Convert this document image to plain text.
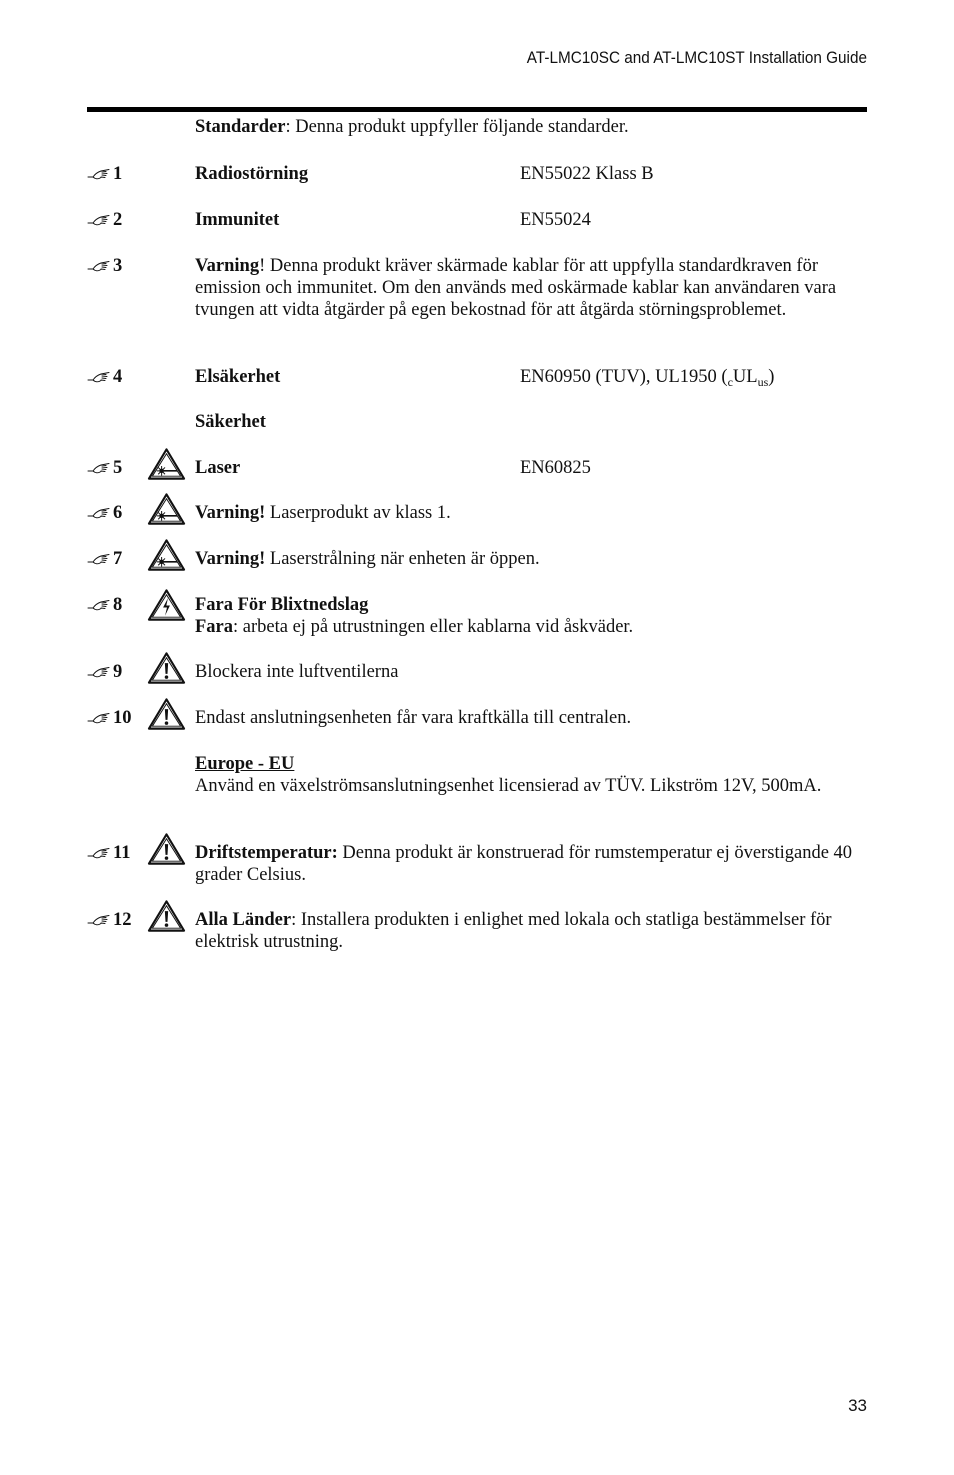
AT-LMC10SC and AT-LMC10ST Installation Guide
Standarder: Denna produkt uppfyller följande standarder.
1	Radiostörning	EN55022 Klass B
2	Immunitet	EN55024
3	Varning! Denna produkt kräver skärmade kablar för att uppfylla standardkraven för emission och immunitet. Om den används med oskärmade kablar kan användaren vara tvungen att vidta åtgärder på egen bekostnad för att åtgärda störningsproblemet.
4	Elsäkerhet	EN60950 (TUV), UL1950 $(_cUL_{us})$
Säkerhet
5	Laser	EN60825
6	Varning! Laserprodukt av klass 1.
7	Varning! Laserstrålning när enheten är öppen.
8	Fara För Blixtnedslag
Fara: arbeta ej på utrustningen eller kablarna vid åskväder.
9	Blockera inte luftventilerna
10	Endast anslutningsenheten får vara kraftkälla till centralen.
Europe - EU
Använd en växelströmsanslutningsenhet licensierad av TÜV. Likström 12V, 500mA.
11	Driftstemperatur: Denna produkt är konstruerad för rumstemperatur ej överstigande 40 grader Celsius.
12	Alla Länder: Installera produkten i enlighet med lokala och statliga bestämmelser för elektrisk utrustning.
33
